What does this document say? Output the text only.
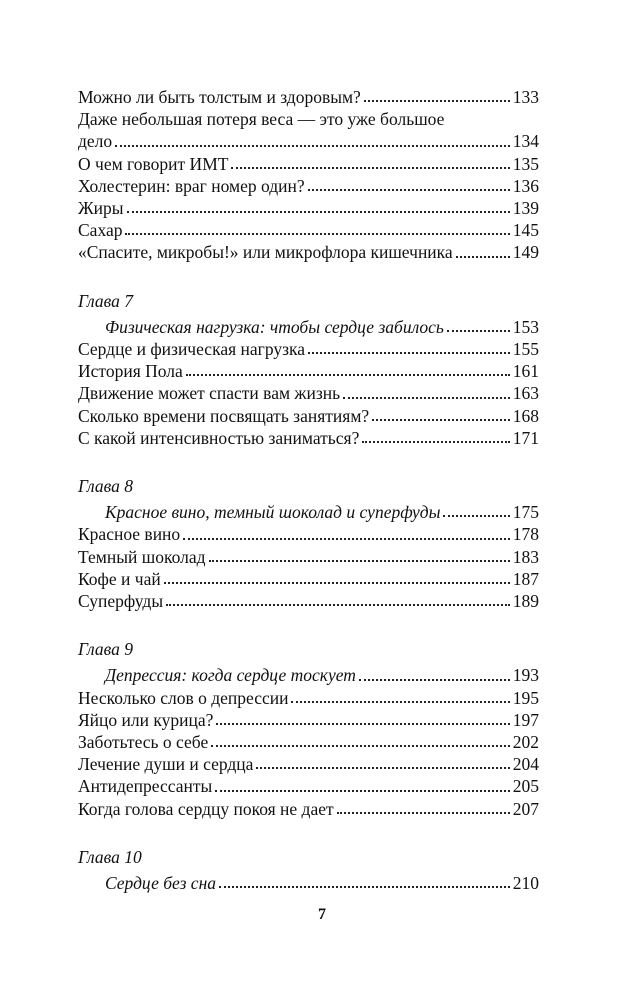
Можно ли быть толстым и здоровым?	133
Даже небольшая потеря веса — это уже большое
дело	134
О чем говорит ИМТ	135
Холестерин: враг номер один?	136
Жиры	139
Сахар	145
«Спасите, микробы!» или микрофлора кишечника	149
Глава 7
Физическая нагрузка: чтобы сердце забилось	153
Сердце и физическая нагрузка	155
История Пола	161
Движение может спасти вам жизнь	163
Сколько времени посвящать занятиям?	168
С какой интенсивностью заниматься?	171
Глава 8
Красное вино, темный шоколад и суперфуды	175
Красное вино	178
Темный шоколад	183
Кофе и чай	187
Суперфуды	189
Глава 9
Депрессия: когда сердце тоскует	193
Несколько слов о депрессии	195
Яйцо или курица?	197
Заботьтесь о себе	202
Лечение души и сердца	204
Антидепрессанты	205
Когда голова сердцу покоя не дает	207
Глава 10
Сердце без сна	210
7
